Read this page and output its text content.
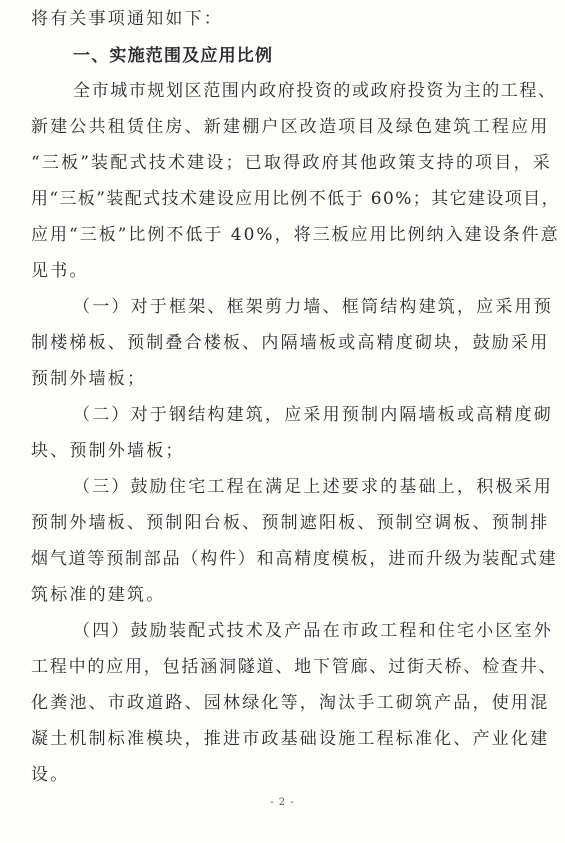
将有关事项通知如下：
一、实施范围及应用比例
全市城市规划区范围内政府投资的或政府投资为主的工程、
新建公共租赁住房、新建棚户区改造项目及绿色建筑工程应用
“三板”装配式技术建设；已取得政府其他政策支持的项目，采
用“三板”装配式技术建设应用比例不低于 60%；其它建设项目，
应用“三板”比例不低于 40%，将三板应用比例纳入建设条件意
见书。
（一）对于框架、框架剪力墙、框筒结构建筑，应采用预
制楼梯板、预制叠合楼板、内隔墙板或高精度砌块，鼓励采用
预制外墙板；
（二）对于钢结构建筑，应采用预制内隔墙板或高精度砌
块、预制外墙板；
（三）鼓励住宅工程在满足上述要求的基础上，积极采用
预制外墙板、预制阳台板、预制遮阳板、预制空调板、预制排
烟气道等预制部品（构件）和高精度模板，进而升级为装配式建
筑标准的建筑。
（四）鼓励装配式技术及产品在市政工程和住宅小区室外
工程中的应用，包括涵洞隧道、地下管廊、过街天桥、检查井、
化粪池、市政道路、园林绿化等，淘汰手工砌筑产品，使用混
凝土机制标准模块，推进市政基础设施工程标准化、产业化建
设。
- 2 -
